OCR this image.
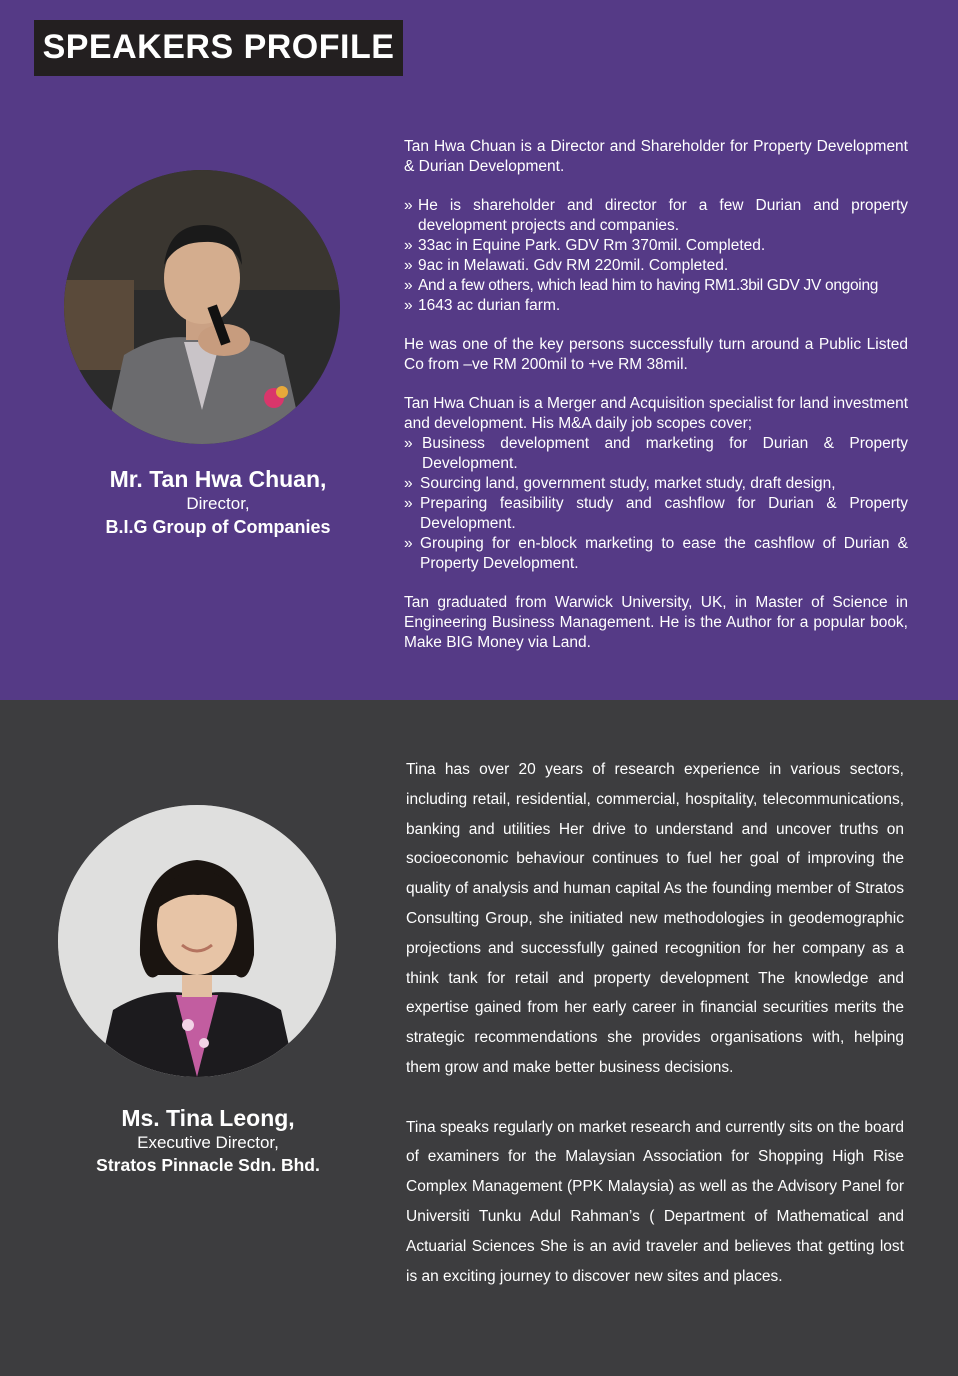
SPEAKERS PROFILE
Mr. Tan Hwa Chuan,
Director,
B.I.G Group of Companies

Tan Hwa Chuan is a Director and Shareholder for Property Development & Durian Development.

» He is shareholder and director for a few Durian and property development projects and companies.
» 33ac in Equine Park. GDV Rm 370mil. Completed.
» 9ac in Melawati. Gdv RM 220mil. Completed.
» And a few others, which lead him to having RM1.3bil GDV JV ongoing
» 1643 ac durian farm.

He was one of the key persons successfully turn around a Public Listed Co from –ve RM 200mil to +ve RM 38mil.

Tan Hwa Chuan is a Merger and Acquisition specialist for land investment and development. His M&A daily job scopes cover;

» Business development and marketing for Durian & Property Development.
» Sourcing land, government study, market study, draft design,
» Preparing feasibility study and cashflow for Durian & Property Development.
» Grouping for en-block marketing to ease the cashflow of Durian & Property Development.

Tan graduated from Warwick University, UK, in Master of Science in Engineering Business Management. He is the Author for a popular book, Make BIG Money via Land.

Ms. Tina Leong,
Executive Director,
Stratos Pinnacle Sdn. Bhd.

Tina has over 20 years of research experience in various sectors, including retail, residential, commercial, hospitality, telecommunications, banking and utilities Her drive to understand and uncover truths on socioeconomic behaviour continues to fuel her goal of improving the quality of analysis and human capital As the founding member of Stratos Consulting Group, she initiated new methodologies in geodemographic projections and successfully gained recognition for her company as a think tank for retail and property development The knowledge and expertise gained from her early career in financial securities merits the strategic recommendations she provides organisations with, helping them grow and make better business decisions.

Tina speaks regularly on market research and currently sits on the board of examiners for the Malaysian Association for Shopping High Rise Complex Management (PPK Malaysia) as well as the Advisory Panel for Universiti Tunku Adul Rahman’s ( Department of Mathematical and Actuarial Sciences She is an avid traveler and believes that getting lost is an exciting journey to discover new sites and places.
